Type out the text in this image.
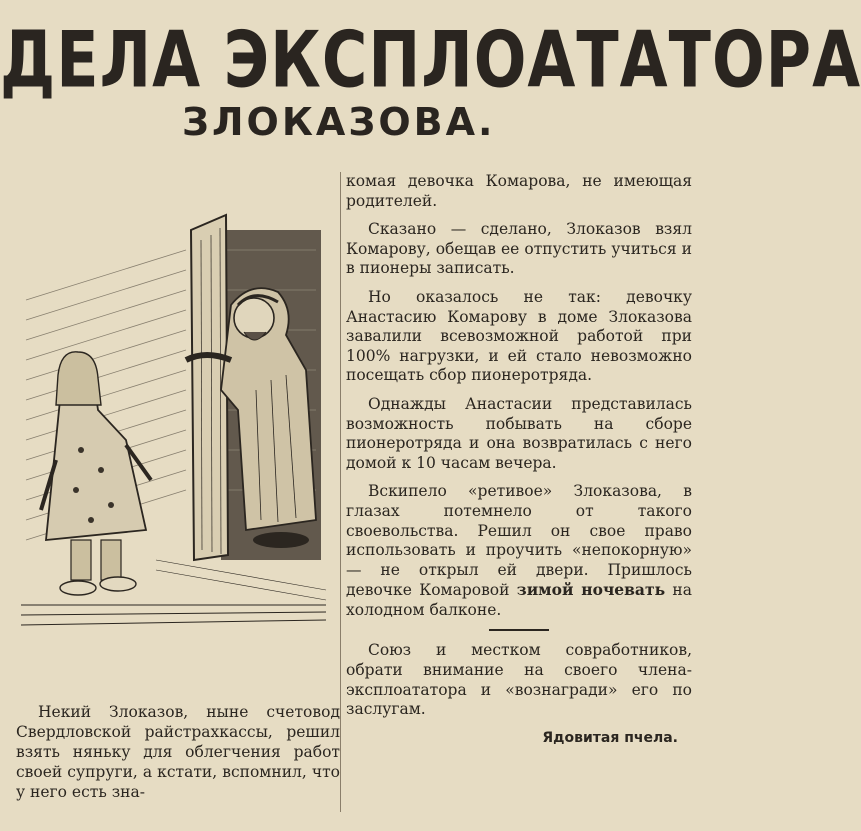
ДЕЛА ЭКСПЛОАТАТОРА
ЗЛОКАЗОВА.

Некий Злоказов, ныне счетовод Свердловской райстрахкассы, решил взять няньку для облегчения работ своей супруги, а кстати, вспомнил, что у него есть зна-

комая девочка Комарова, не имеющая родителей.

Сказано — сделано, Злоказов взял Комарову, обещав ее отпустить учиться и в пионеры записать.

Но оказалось не так: девочку Анастасию Комарову в доме Злоказова завалили всевозможной работой при 100% нагрузки, и ей стало невозможно посещать сбор пионеротряда.

Однажды Анастасии представилась возможность побывать на сборе пионеротряда и она возвратилась с него домой к 10 часам вечера.

Вскипело «ретивое» Злоказова, в глазах потемнело от такого своевольства. Решил он свое право использовать и проучить «непокорную» — не открыл ей двери. Пришлось девочке Комаровой зимой ночевать на холодном балконе.

Союз и местком совработников, обрати внимание на своего члена-эксплоататора и «вознагради» его по заслугам.

Ядовитая пчела.
